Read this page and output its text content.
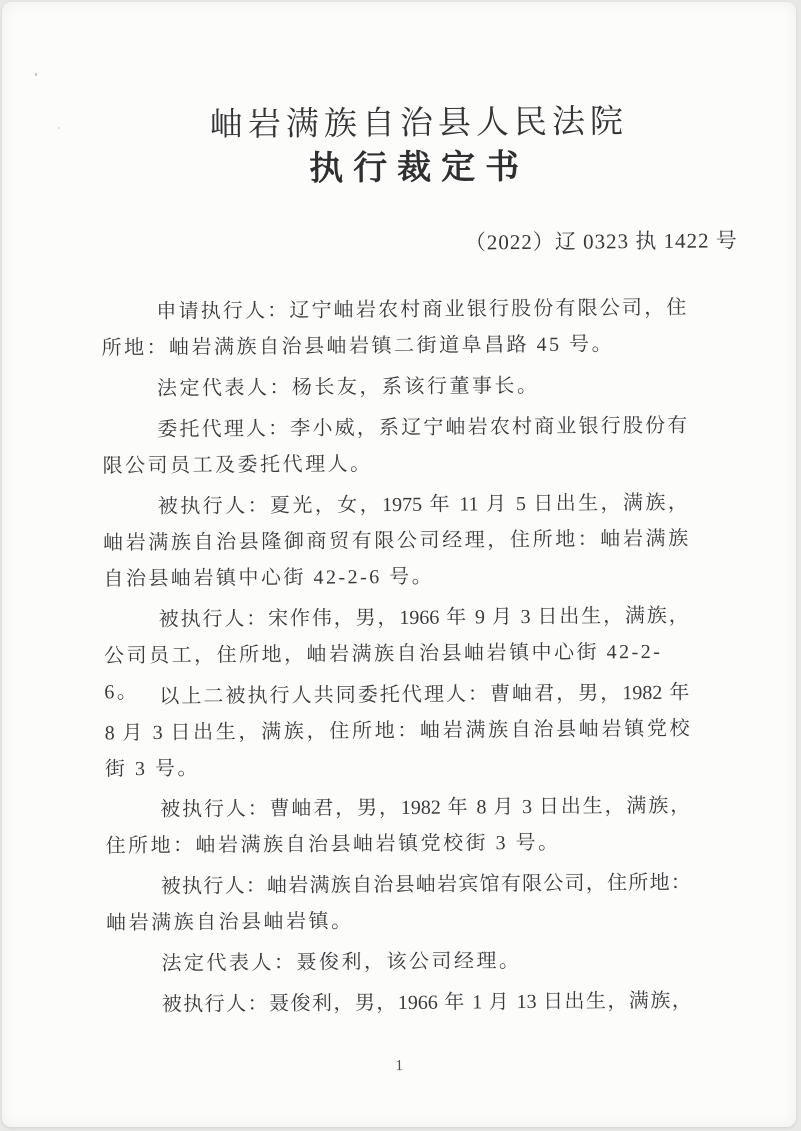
岫岩满族自治县人民法院
执行裁定书
（2022）辽 0323 执 1422 号
申请执行人：辽宁岫岩农村商业银行股份有限公司，住
所地：岫岩满族自治县岫岩镇二街道阜昌路 45 号。
法定代表人：杨长友，系该行董事长。
委托代理人：李小威，系辽宁岫岩农村商业银行股份有
限公司员工及委托代理人。
被执行人：夏光，女，1975 年 11 月 5 日出生，满族，
岫岩满族自治县隆御商贸有限公司经理，住所地：岫岩满族
自治县岫岩镇中心街 42-2-6 号。
被执行人：宋作伟，男，1966 年 9 月 3 日出生，满族，
公司员工，住所地，岫岩满族自治县岫岩镇中心街 42-2-6。 以上二被执行人共同委托代理人：曹岫君，男，1982 年
8 月 3 日出生，满族，住所地：岫岩满族自治县岫岩镇党校
街 3 号。
被执行人：曹岫君，男，1982 年 8 月 3 日出生，满族，
住所地：岫岩满族自治县岫岩镇党校街 3 号。
被执行人：岫岩满族自治县岫岩宾馆有限公司，住所地：
岫岩满族自治县岫岩镇。
法定代表人：聂俊利，该公司经理。
被执行人：聂俊利，男，1966 年 1 月 13 日出生，满族，
1
